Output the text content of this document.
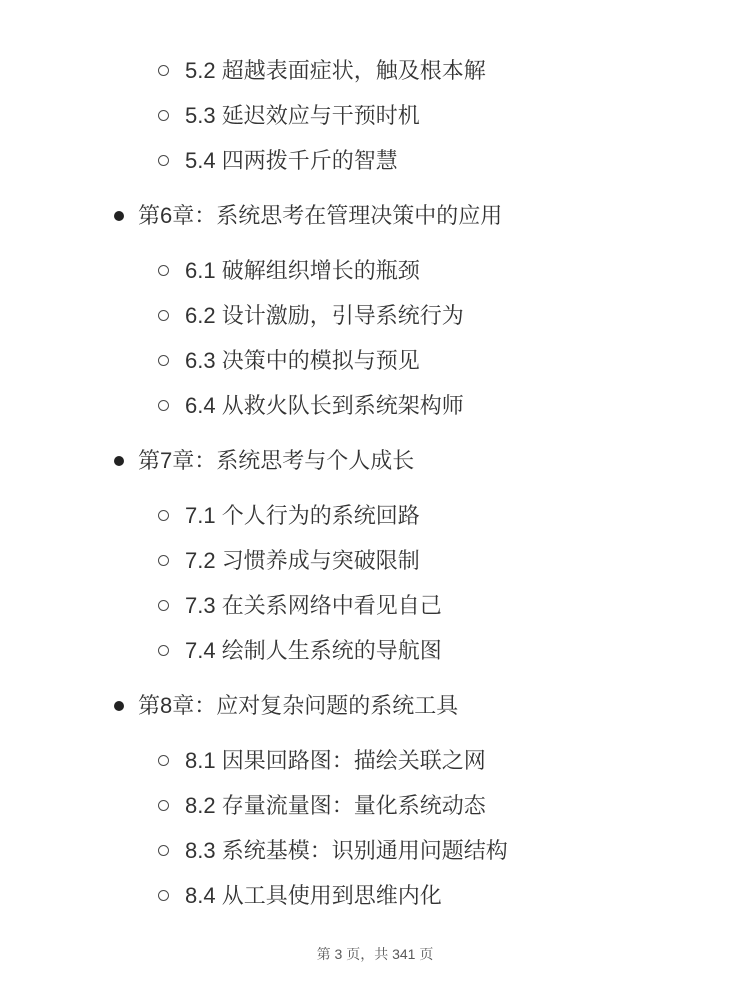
5.2 超越表面症状，触及根本解
5.3 延迟效应与干预时机
5.4 四两拨千斤的智慧
第6章：系统思考在管理决策中的应用
6.1 破解组织增长的瓶颈
6.2 设计激励，引导系统行为
6.3 决策中的模拟与预见
6.4 从救火队长到系统架构师
第7章：系统思考与个人成长
7.1 个人行为的系统回路
7.2 习惯养成与突破限制
7.3 在关系网络中看见自己
7.4 绘制人生系统的导航图
第8章：应对复杂问题的系统工具
8.1 因果回路图：描绘关联之网
8.2 存量流量图：量化系统动态
8.3 系统基模：识别通用问题结构
8.4 从工具使用到思维内化
第 3 页，共 341 页
